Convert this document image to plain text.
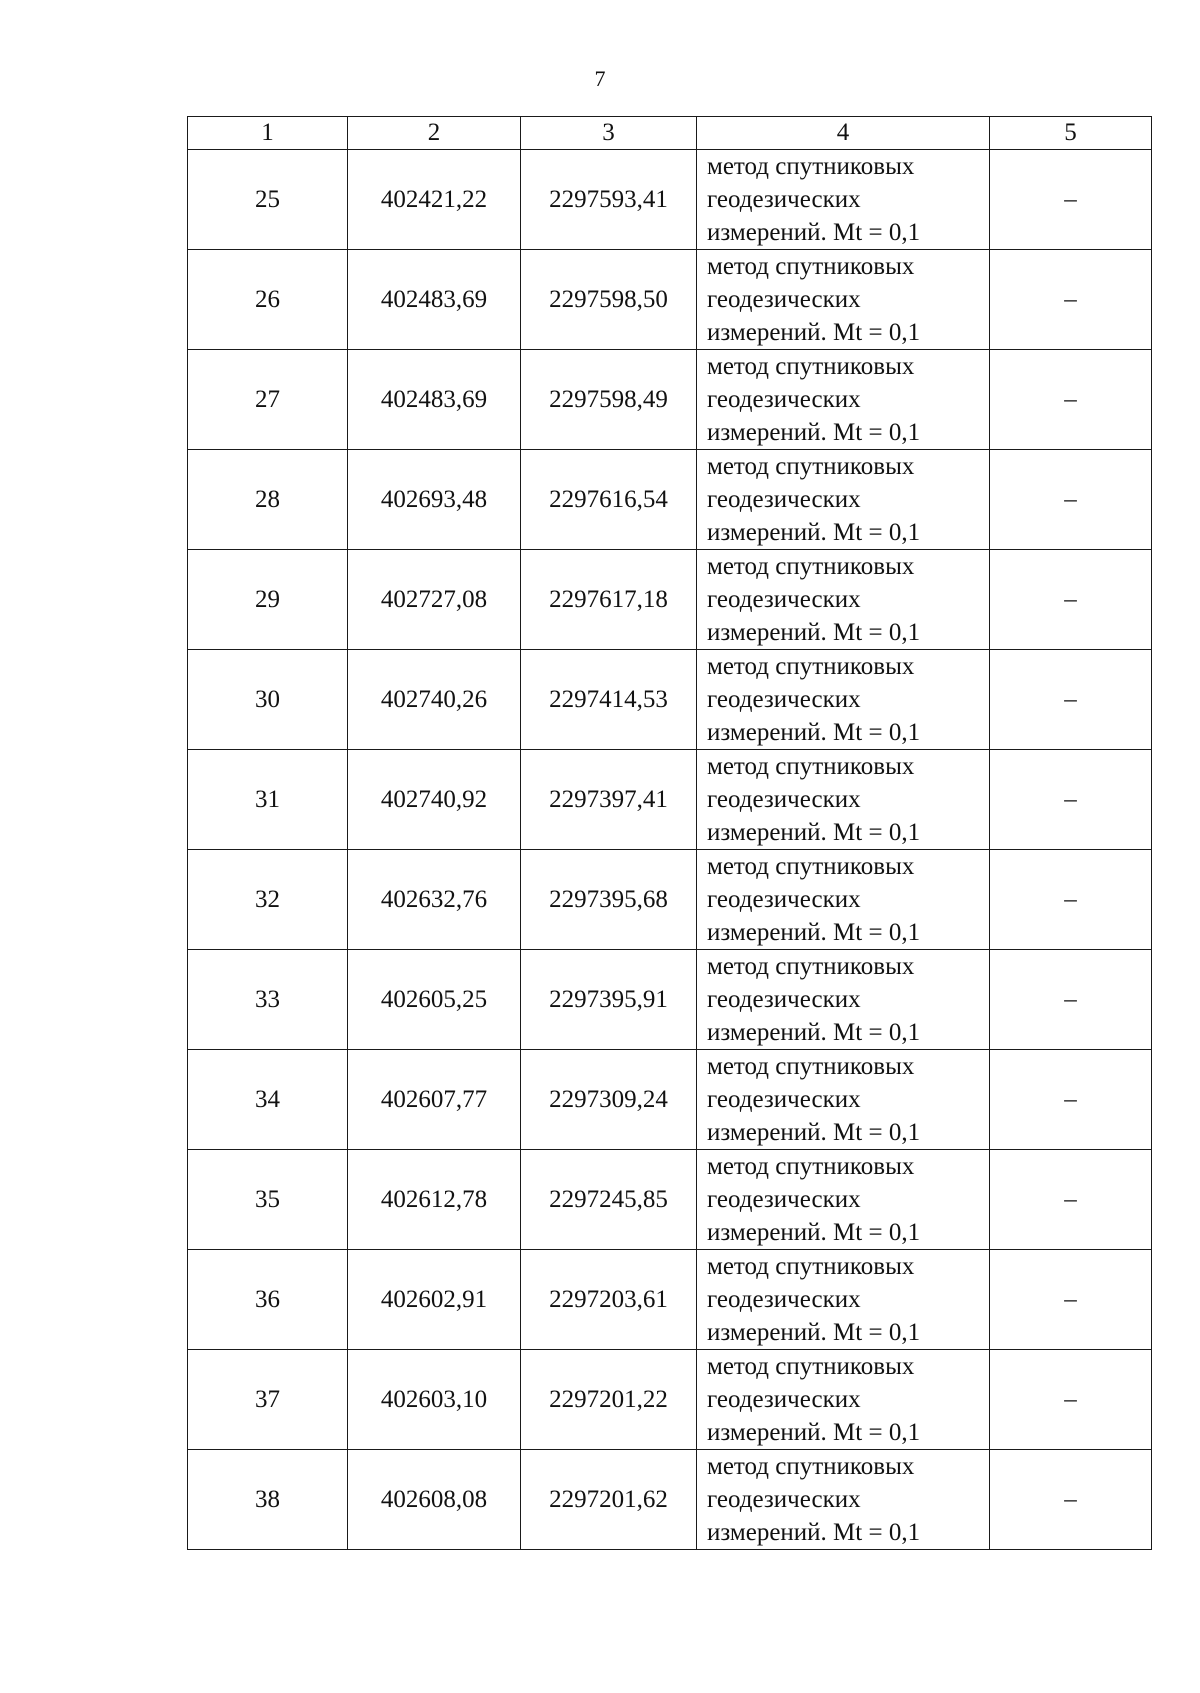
7
1	2	3	4	5
25	402421,22	2297593,41	метод спутниковых
геодезических
измерений. Mt = 0,1	–
26	402483,69	2297598,50	метод спутниковых
геодезических
измерений. Mt = 0,1	–
27	402483,69	2297598,49	метод спутниковых
геодезических
измерений. Mt = 0,1	–
28	402693,48	2297616,54	метод спутниковых
геодезических
измерений. Mt = 0,1	–
29	402727,08	2297617,18	метод спутниковых
геодезических
измерений. Mt = 0,1	–
30	402740,26	2297414,53	метод спутниковых
геодезических
измерений. Mt = 0,1	–
31	402740,92	2297397,41	метод спутниковых
геодезических
измерений. Mt = 0,1	–
32	402632,76	2297395,68	метод спутниковых
геодезических
измерений. Mt = 0,1	–
33	402605,25	2297395,91	метод спутниковых
геодезических
измерений. Mt = 0,1	–
34	402607,77	2297309,24	метод спутниковых
геодезических
измерений. Mt = 0,1	–
35	402612,78	2297245,85	метод спутниковых
геодезических
измерений. Mt = 0,1	–
36	402602,91	2297203,61	метод спутниковых
геодезических
измерений. Mt = 0,1	–
37	402603,10	2297201,22	метод спутниковых
геодезических
измерений. Mt = 0,1	–
38	402608,08	2297201,62	метод спутниковых
геодезических
измерений. Mt = 0,1	–
